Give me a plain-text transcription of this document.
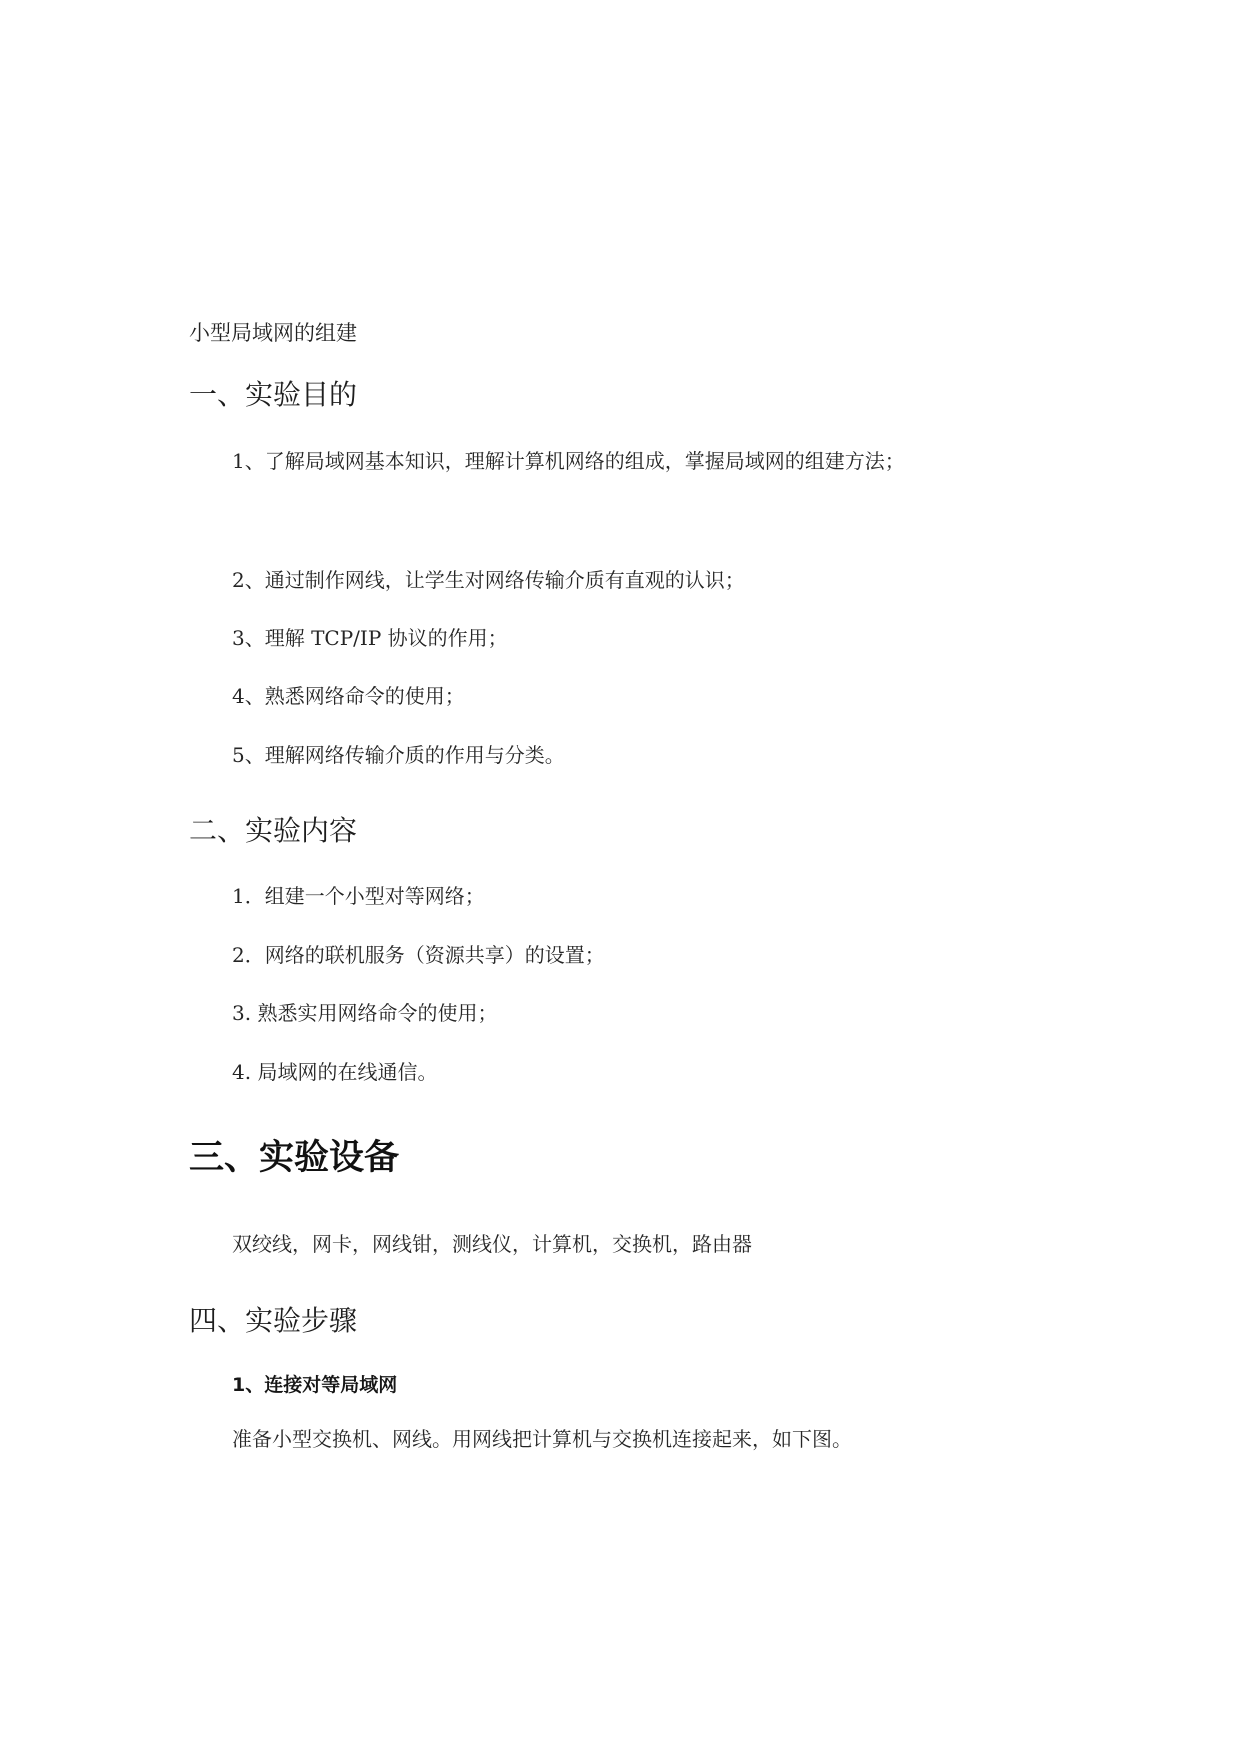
小型局域网的组建
一、实验目的
1、了解局域网基本知识，理解计算机网络的组成，掌握局域网的组建方法；
2、通过制作网线，让学生对网络传输介质有直观的认识；
3、理解 TCP/IP 协议的作用；
4、熟悉网络命令的使用；
5、理解网络传输介质的作用与分类。
二、实验内容
1．组建一个小型对等网络；
2．网络的联机服务（资源共享）的设置；
3. 熟悉实用网络命令的使用；
4. 局域网的在线通信。
三、实验设备
双绞线，网卡，网线钳，测线仪，计算机，交换机，路由器
四、实验步骤
1、连接对等局域网
准备小型交换机、网线。用网线把计算机与交换机连接起来，如下图。
